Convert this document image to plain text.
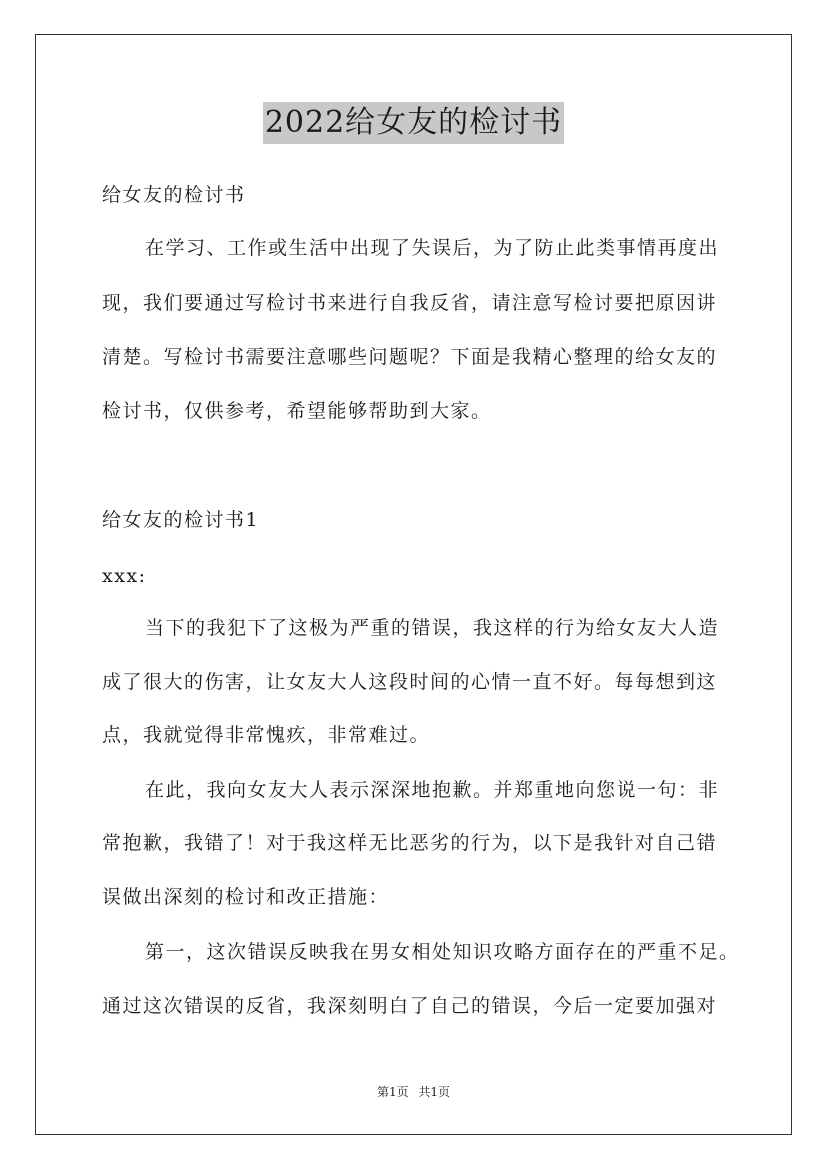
2022给女友的检讨书
给女友的检讨书
在学习、工作或生活中出现了失误后，为了防止此类事情再度出
现，我们要通过写检讨书来进行自我反省，请注意写检讨要把原因讲
清楚。写检讨书需要注意哪些问题呢？下面是我精心整理的给女友的
检讨书，仅供参考，希望能够帮助到大家。
给女友的检讨书1
xxx:
当下的我犯下了这极为严重的错误，我这样的行为给女友大人造
成了很大的伤害，让女友大人这段时间的心情一直不好。每每想到这
点，我就觉得非常愧疚，非常难过。
在此，我向女友大人表示深深地抱歉。并郑重地向您说一句：非
常抱歉，我错了！对于我这样无比恶劣的行为，以下是我针对自己错
误做出深刻的检讨和改正措施：
第一，这次错误反映我在男女相处知识攻略方面存在的严重不足。
通过这次错误的反省，我深刻明白了自己的错误，今后一定要加强对
第1页 共1页
